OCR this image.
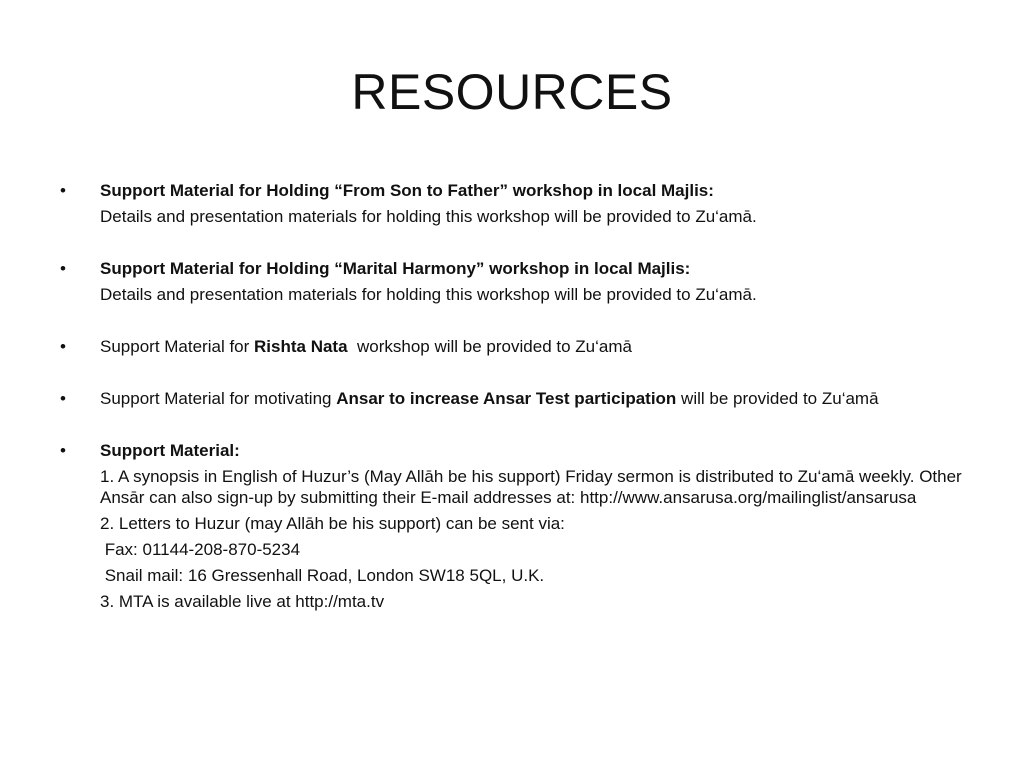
RESOURCES
•	Support Material for Holding “From Son to Father” workshop in local Majlis:
Details and presentation materials for holding this workshop will be provided to Zu‘amā.
•	Support Material for Holding “Marital Harmony” workshop in local Majlis:
Details and presentation materials for holding this workshop will be provided to Zu‘amā.
•	Support Material for Rishta Nata  workshop will be provided to Zu‘amā
•	Support Material for motivating Ansar to increase Ansar Test participation will be provided to Zu‘amā
•	Support Material:
1. A synopsis in English of Huzur’s (May Allāh be his support) Friday sermon is distributed to Zu‘amā weekly. Other Ansār can also sign-up by submitting their E-mail addresses at: http://www.ansarusa.org/mailinglist/ansarusa
2. Letters to Huzur (may Allāh be his support) can be sent via:
Fax: 01144-208-870-5234
Snail mail: 16 Gressenhall Road, London SW18 5QL, U.K.
3. MTA is available live at http://mta.tv
